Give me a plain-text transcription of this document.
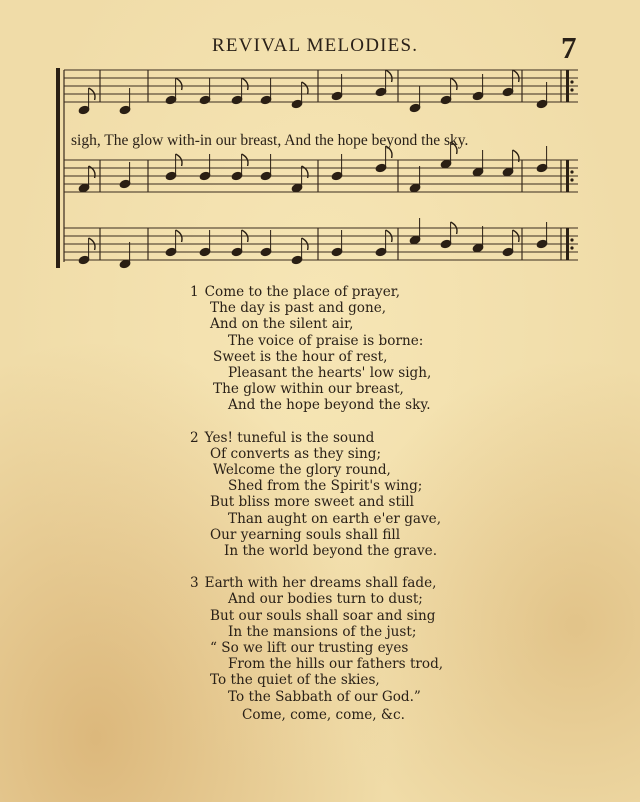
REVIVAL MELODIES.	7
sigh, The glow with-in our breast, And the hope beyond the sky.
1 Come to the place of prayer,
The day is past and gone,
And on the silent air,
The voice of praise is borne:
Sweet is the hour of rest,
Pleasant the hearts' low sigh,
The glow within our breast,
And the hope beyond the sky.
2 Yes! tuneful is the sound
Of converts as they sing;
Welcome the glory round,
Shed from the Spirit's wing;
But bliss more sweet and still
Than aught on earth e'er gave,
Our yearning souls shall fill
In the world beyond the grave.
3 Earth with her dreams shall fade,
And our bodies turn to dust;
But our souls shall soar and sing
In the mansions of the just;
“ So we lift our trusting eyes
From the hills our fathers trod,
To the quiet of the skies,
To the Sabbath of our God.”
Come, come, come, &c.
